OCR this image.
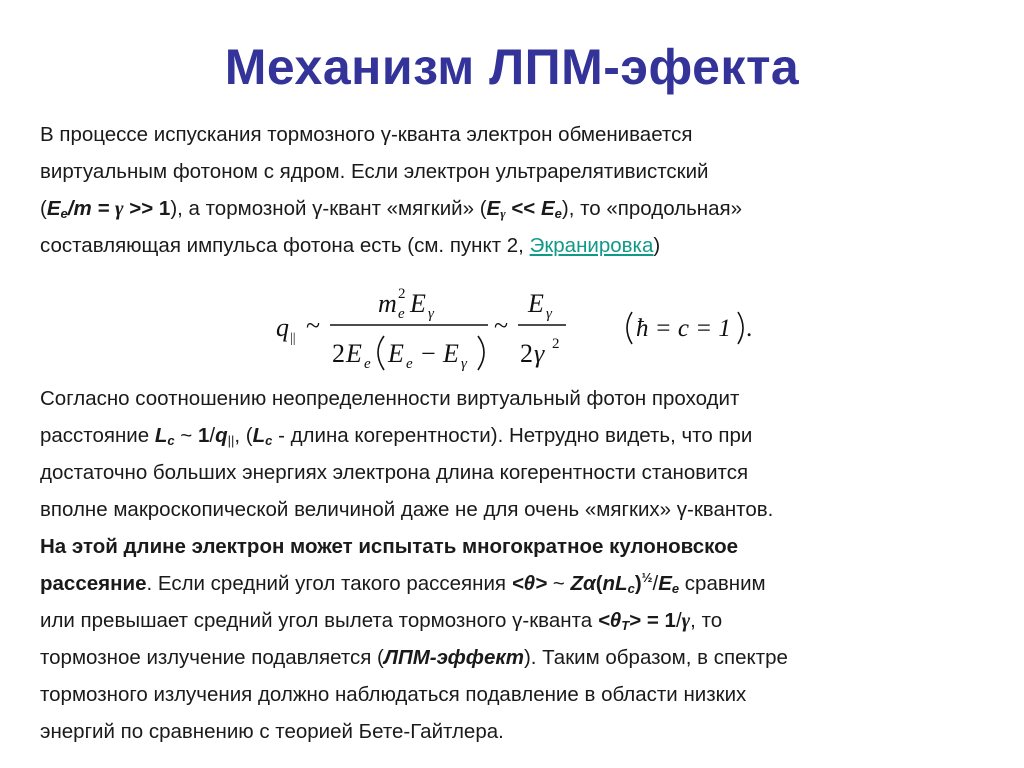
Механизм ЛПМ-эфекта
В процессе испускания тормозного γ-кванта электрон обменивается
виртуальным фотоном с ядром. Если электрон ультрарелятивистский
$(E_e/m = \gamma >> 1)$, а тормозной γ-квант «мягкий» $(E_\gamma << E_e)$, то «продольная»
составляющая импульса фотона есть (см. пункт 2, Экранировка)
q || ~
m 2
e E γ
2 E e E e − E γ
~
E γ
2 γ 2
ħ = c = 1 .
Согласно соотношению неопределенности виртуальный фотон проходит
расстояние $L_c$ ~ $1/q_{||}$, ($L_c$ - длина когерентности). Нетрудно видеть, что при
достаточно больших энергиях электрона длина когерентности становится
вполне макроскопической величиной даже не для очень «мягких» γ-квантов.
На этой длине электрон может испытать многократное кулоновское
рассеяние. Если средний угол такого рассеяния <θ> ~ $Z\alpha(nL_c)^{\frac{1}{2}}/E_e$ сравним
или превышает средний угол вылета тормозного γ-кванта $<\theta_T> = 1/\gamma$, то
тормозное излучение подавляется (ЛПМ-эффект). Таким образом, в спектре
тормозного излучения должно наблюдаться подавление в области низких
энергий по сравнению с теорией Бете-Гайтлера.
